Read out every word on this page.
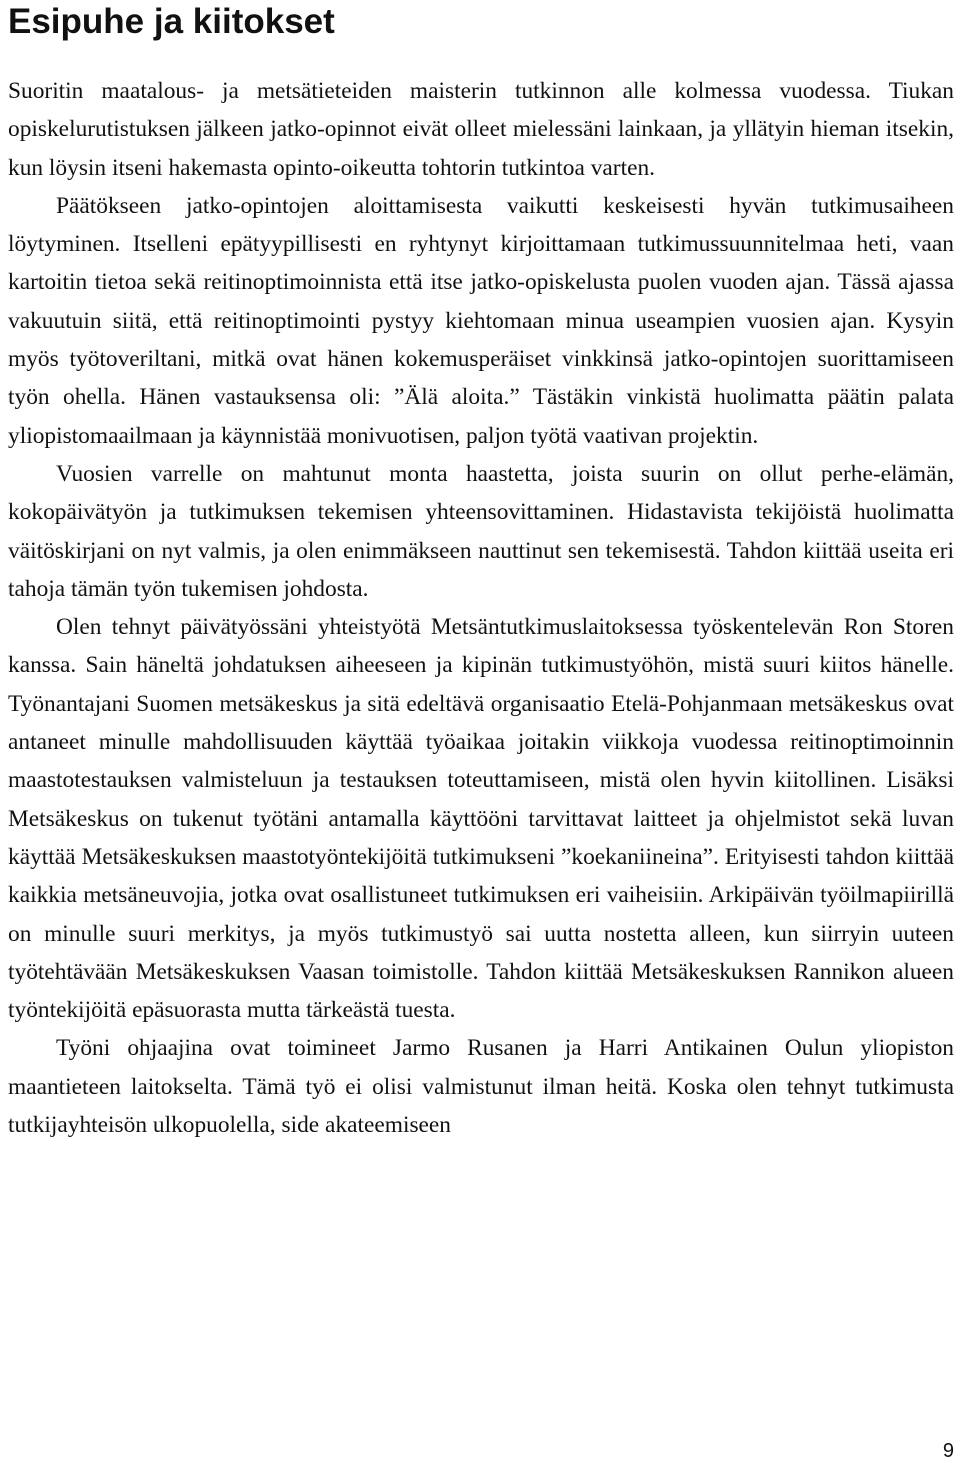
Esipuhe ja kiitokset

Suoritin maatalous- ja metsätieteiden maisterin tutkinnon alle kolmessa vuodessa. Tiukan opiskelurutistuksen jälkeen jatko-opinnot eivät olleet mielessäni lainkaan, ja yllätyin hieman itsekin, kun löysin itseni hakemasta opinto-oikeutta tohtorin tutkintoa varten.

Päätökseen jatko-opintojen aloittamisesta vaikutti keskeisesti hyvän tutkimusaiheen löytyminen. Itselleni epätyypillisesti en ryhtynyt kirjoittamaan tutkimussuunnitelmaa heti, vaan kartoitin tietoa sekä reitinoptimoinnista että itse jatko-opiskelusta puolen vuoden ajan. Tässä ajassa vakuutuin siitä, että reitinoptimointi pystyy kiehtomaan minua useampien vuosien ajan. Kysyin myös työtoveriltani, mitkä ovat hänen kokemusperäiset vinkkinsä jatko-opintojen suorittamiseen työn ohella. Hänen vastauksensa oli: ”Älä aloita.” Tästäkin vinkistä huolimatta päätin palata yliopistomaailmaan ja käynnistää monivuotisen, paljon työtä vaativan projektin.

Vuosien varrelle on mahtunut monta haastetta, joista suurin on ollut perhe-elämän, kokopäivätyön ja tutkimuksen tekemisen yhteensovittaminen. Hidastavista tekijöistä huolimatta väitöskirjani on nyt valmis, ja olen enimmäkseen nauttinut sen tekemisestä. Tahdon kiittää useita eri tahoja tämän työn tukemisen johdosta.

Olen tehnyt päivätyössäni yhteistyötä Metsäntutkimuslaitoksessa työskentelevän Ron Storen kanssa. Sain häneltä johdatuksen aiheeseen ja kipinän tutkimustyöhön, mistä suuri kiitos hänelle. Työnantajani Suomen metsäkeskus ja sitä edeltävä organisaatio Etelä-Pohjanmaan metsäkeskus ovat antaneet minulle mahdollisuuden käyttää työaikaa joitakin viikkoja vuodessa reitinoptimoinnin maastotestauksen valmisteluun ja testauksen toteuttamiseen, mistä olen hyvin kiitollinen. Lisäksi Metsäkeskus on tukenut työtäni antamalla käyttööni tarvittavat laitteet ja ohjelmistot sekä luvan käyttää Metsäkeskuksen maastotyöntekijöitä tutkimukseni ”koekaniineina”. Erityisesti tahdon kiittää kaikkia metsäneuvojia, jotka ovat osallistuneet tutkimuksen eri vaiheisiin. Arkipäivän työilmapiirillä on minulle suuri merkitys, ja myös tutkimustyö sai uutta nostetta alleen, kun siirryin uuteen työtehtävään Metsäkeskuksen Vaasan toimistolle. Tahdon kiittää Metsäkeskuksen Rannikon alueen työntekijöitä epäsuorasta mutta tärkeästä tuesta.

Työni ohjaajina ovat toimineet Jarmo Rusanen ja Harri Antikainen Oulun yliopiston maantieteen laitokselta. Tämä työ ei olisi valmistunut ilman heitä. Koska olen tehnyt tutkimusta tutkijayhteisön ulkopuolella, side akateemiseen

9
